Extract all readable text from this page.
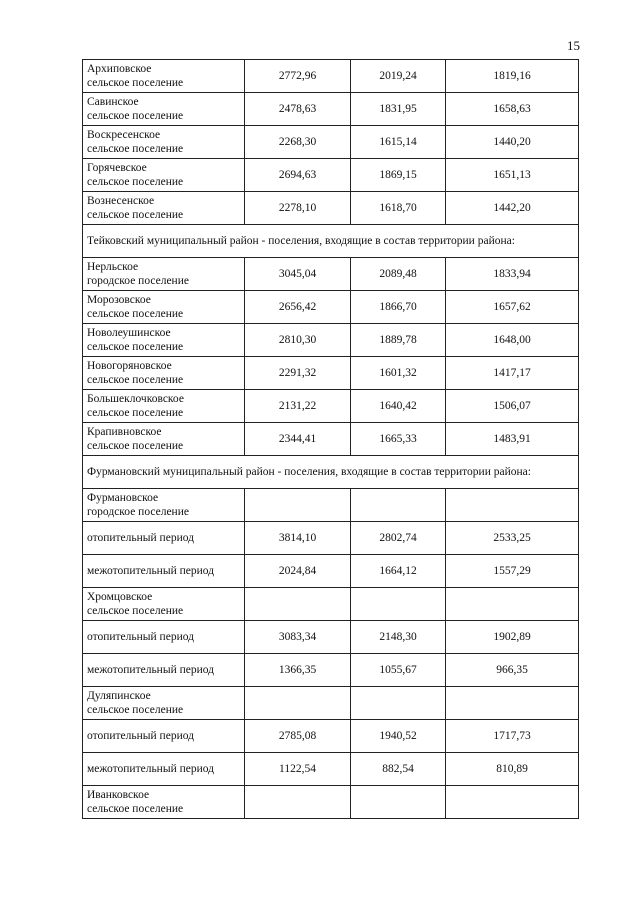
15
Архиповское
сельское поселение	2772,96	2019,24	1819,16

Савинское
сельское поселение	2478,63	1831,95	1658,63

Воскресенское
сельское поселение	2268,30	1615,14	1440,20

Горячевское
сельское поселение	2694,63	1869,15	1651,13

Вознесенское
сельское поселение	2278,10	1618,70	1442,20
Тейковский муниципальный район - поселения, входящие в состав территории района:			

Нерльское
городское поселение	3045,04	2089,48	1833,94

Морозовское
сельское поселение	2656,42	1866,70	1657,62

Новолеушинское
сельское поселение	2810,30	1889,78	1648,00

Новогоряновское
сельское поселение	2291,32	1601,32	1417,17

Большеклочковское
сельское поселение	2131,22	1640,42	1506,07

Крапивновское
сельское поселение	2344,41	1665,33	1483,91
Фурмановский муниципальный район - поселения, входящие в состав территории района:			

Фурмановское
городское поселение			

отопительный период	3814,10	2802,74	2533,25

межотопительный период	2024,84	1664,12	1557,29

Хромцовское
сельское поселение			

отопительный период	3083,34	2148,30	1902,89

межотопительный период	1366,35	1055,67	966,35

Дуляпинское
сельское поселение			

отопительный период	2785,08	1940,52	1717,73

межотопительный период	1122,54	882,54	810,89

Иванковское
сельское поселение			
